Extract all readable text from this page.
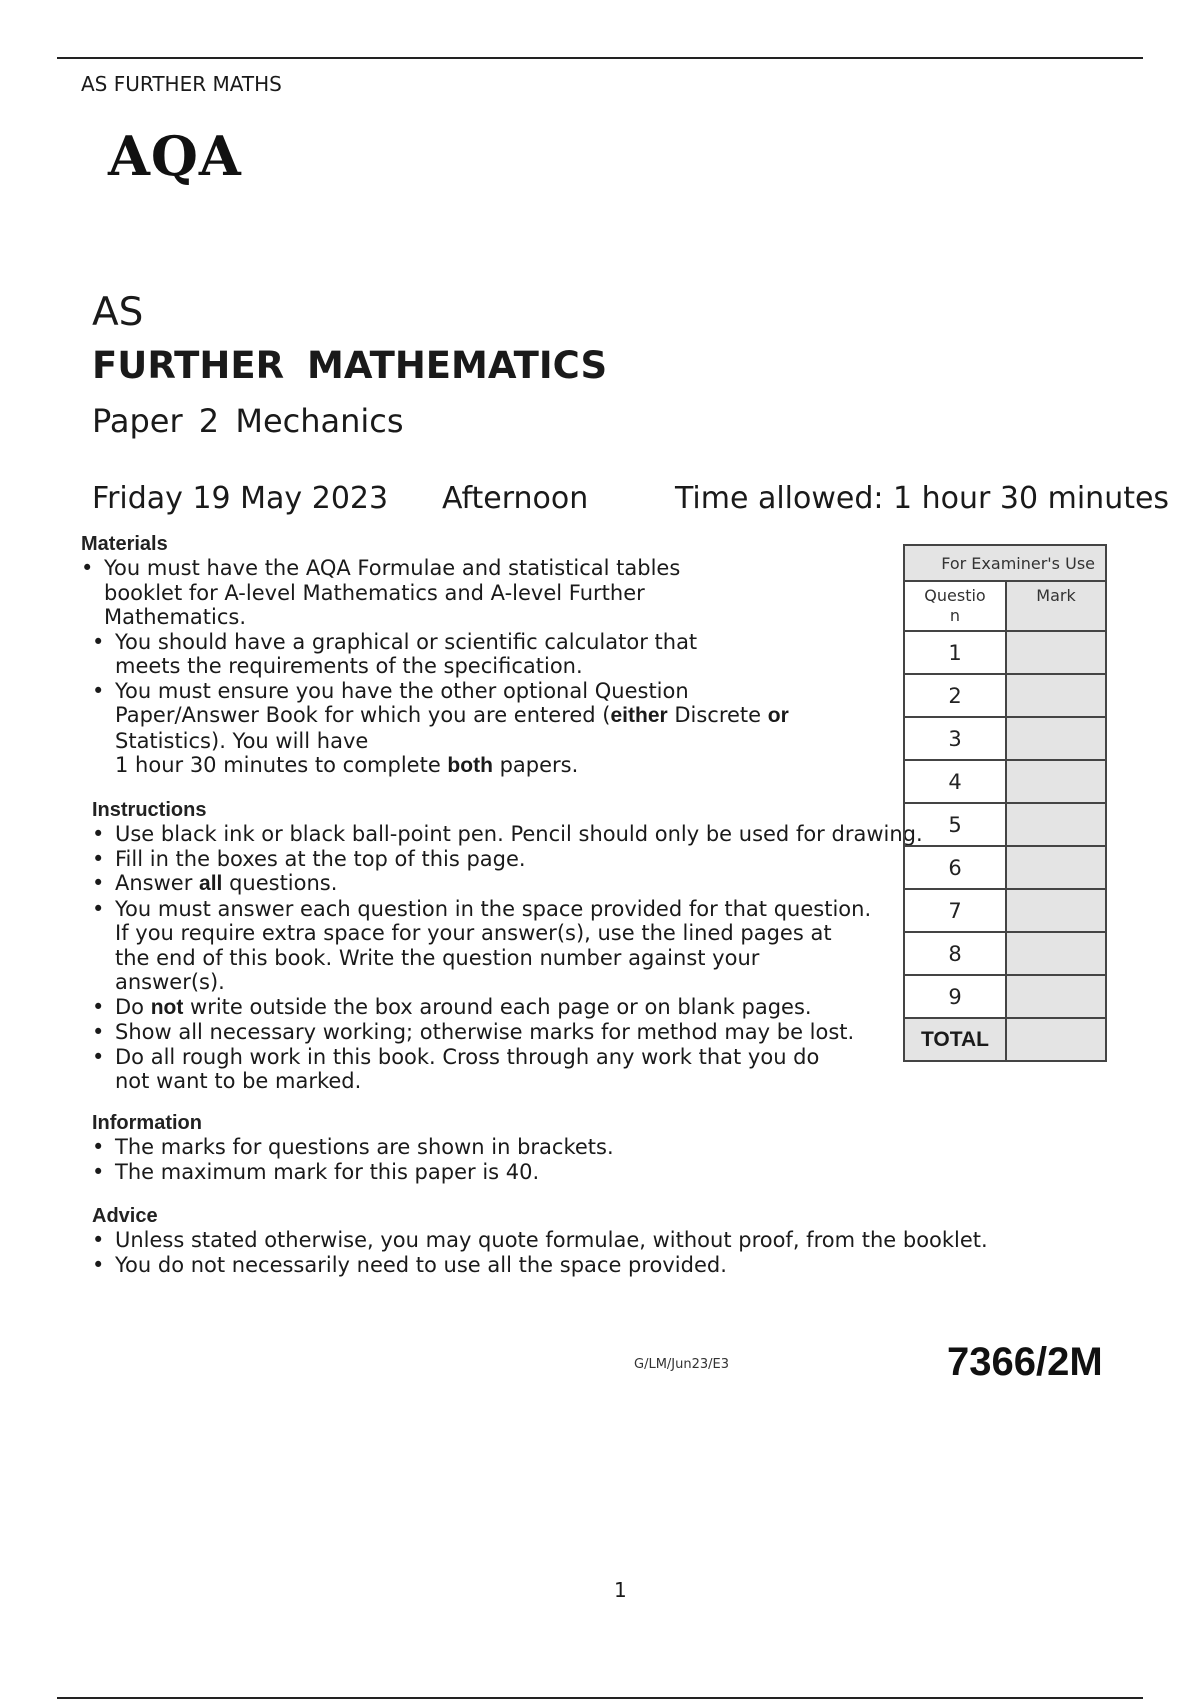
AS FURTHER MATHS
AQA
AS
FURTHER MATHEMATICS
Paper 2 Mechanics
Friday 19 May 2023 Afternoon	Time allowed: 1 hour 30 minutes
Materials
• You must have the AQA Formulae and statistical tables
booklet for A-level Mathematics and A-level Further
Mathematics.
• You should have a graphical or scientific calculator that
meets the requirements of the specification.
• You must ensure you have the other optional Question
Paper/Answer Book for which you are entered (either Discrete or
Statistics). You will have
1 hour 30 minutes to complete both papers.
Instructions
• Use black ink or black ball-point pen. Pencil should only be used for drawing.
• Fill in the boxes at the top of this page.
• Answer all questions.
• You must answer each question in the space provided for that question.
If you require extra space for your answer(s), use the lined pages at
the end of this book. Write the question number against your
answer(s).
• Do not write outside the box around each page or on blank pages.
• Show all necessary working; otherwise marks for method may be lost.
• Do all rough work in this book. Cross through any work that you do
not want to be marked.
Information
• The marks for questions are shown in brackets.
• The maximum mark for this paper is 40.
Advice
• Unless stated otherwise, you may quote formulae, without proof, from the booklet.
• You do not necessarily need to use all the space provided.
For Examiner's Use	
Questio
n	Mark
1	
2	
3	
4	
5	
6	
7	
8	
9	
TOTAL	
G/LM/Jun23/E3	7366/2M
1
